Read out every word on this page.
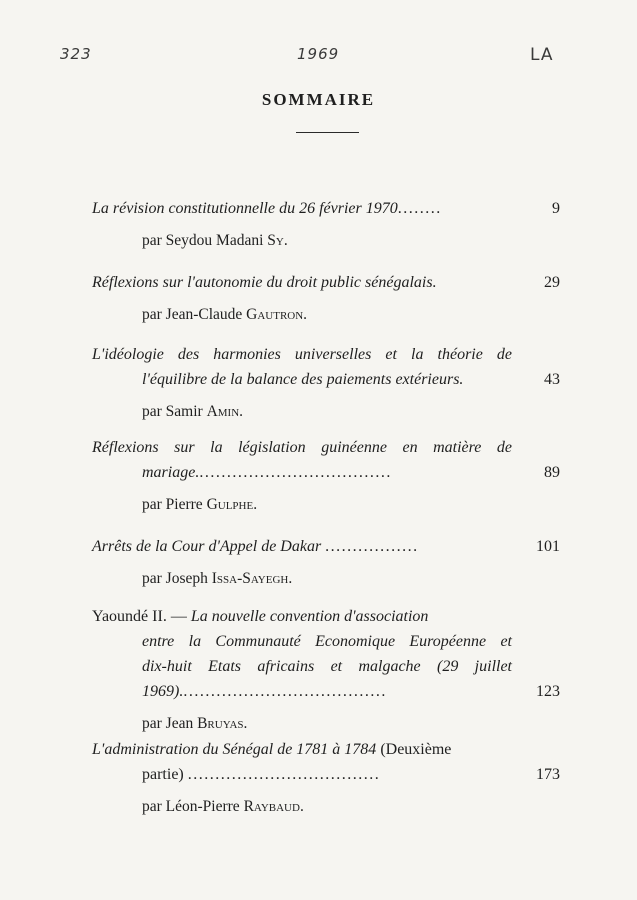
323	1969	LA
SOMMAIRE
La révision constitutionnelle du 26 février 1970........	9
par Seydou Madani Sy.
Réflexions sur l'autonomie du droit public sénégalais.	29
par Jean-Claude Gautron.
L'idéologie des harmonies universelles et la théorie de
l'équilibre de la balance des paiements extérieurs.	43
par Samir Amin.
Réflexions sur la législation guinéenne en matière de
mariage....................................	89
par Pierre Gulphe.
Arrêts de la Cour d'Appel de Dakar .................	101
par Joseph Issa-Sayegh.
Yaoundé II. — La nouvelle convention d'association
entre la Communauté Economique Européenne et
dix-huit Etats africains et malgache (29 juillet
1969)......................................	123
par Jean Bruyas.
L'administration du Sénégal de 1781 à 1784 (Deuxième
partie) ...................................	173
par Léon-Pierre Raybaud.
